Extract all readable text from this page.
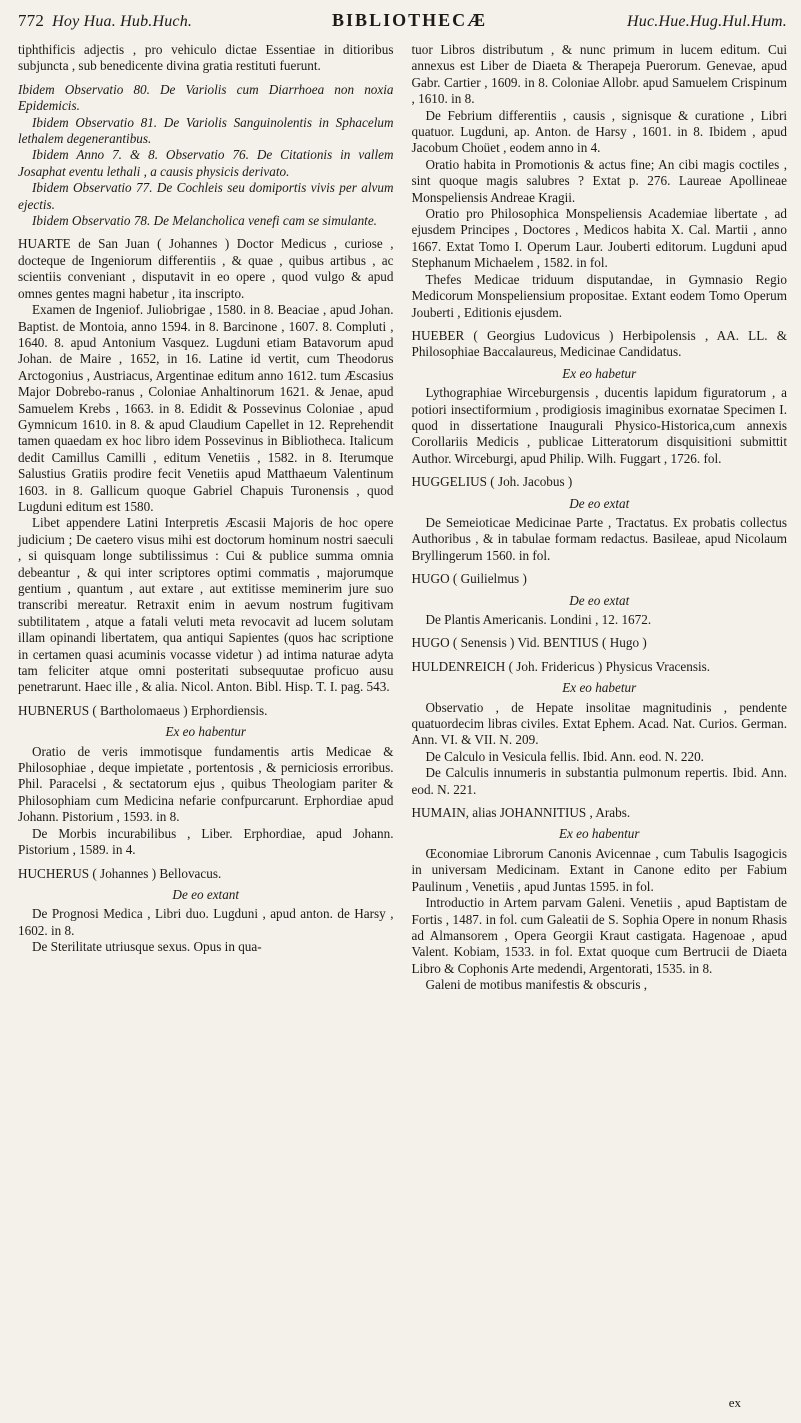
772 Hoy Hua. Hub.Huch.	BIBLIOTHECÆ	Huc.Hue.Hug.Hul.Hum.

tiphthificis adjectis , pro vehiculo dictae Essentiae in ditioribus subjuncta , sub benedicente divina gratia restituti fuerunt.

Ibidem Observatio 80. De Variolis cum Diarrhoea non noxia Epidemicis.

Ibidem Observatio 81. De Variolis Sanguinolentis in Sphacelum lethalem degenerantibus.

Ibidem Anno 7. & 8. Observatio 76. De Citationis in vallem Josaphat eventu lethali , a causis physicis derivato.

Ibidem Observatio 77. De Cochleis seu domiportis vivis per alvum ejectis.

Ibidem Observatio 78. De Melancholica venefi cam se simulante.

HUARTE de San Juan ( Johannes ) Doctor Medicus , curiose , docteque de Ingeniorum differentiis , & quae , quibus artibus , ac scientiis conveniant , disputavit in eo opere , quod vulgo & apud omnes gentes magni habetur , ita inscripto.

Examen de Ingeniof. Juliobrigae , 1580. in 8. Beaciae , apud Johan. Baptist. de Montoia, anno 1594. in 8. Barcinone , 1607. 8. Compluti , 1640. 8. apud Antonium Vasquez. Lugduni etiam Batavorum apud Johan. de Maire , 1652, in 16. Latine id vertit, cum Theodorus Arctogonius , Austriacus, Argentinae editum anno 1612. tum Æscasius Major Dobrebo-ranus , Coloniae Anhaltinorum 1621. & Jenae, apud Samuelem Krebs , 1663. in 8. Edidit & Possevinus Coloniae , apud Gymnicum 1610. in 8. & apud Claudium Capellet in 12. Reprehendit tamen quaedam ex hoc libro idem Possevinus in Bibliotheca. Italicum dedit Camillus Camilli , editum Venetiis , 1582. in 8. Iterumque Salustius Gratiis prodire fecit Venetiis apud Matthaeum Valentinum 1603. in 8. Gallicum quoque Gabriel Chapuis Turonensis , quod Lugduni editum est 1580.

Libet appendere Latini Interpretis Æscasii Majoris de hoc opere judicium ; De caetero visus mihi est doctorum hominum nostri saeculi , si quisquam longe subtilissimus : Cui & publice summa omnia debeantur , & qui inter scriptores optimi commatis , majorumque gentium , quantum , aut extare , aut extitisse meminerim jure suo transcribi mereatur. Retraxit enim in aevum nostrum fugitivam subtilitatem , atque a fatali veluti meta revocavit ad lucem solutam illam opinandi libertatem, qua antiqui Sapientes (quos hac scriptione in certamen quasi acuminis vocasse videtur ) ad intima naturae adyta tam feliciter atque omni posteritati subsequutae proficuo ausu penetrarunt. Haec ille , & alia. Nicol. Anton. Bibl. Hisp. T. I. pag. 543.

HUBNERUS ( Bartholomaeus ) Erphordiensis.

Ex eo habentur

Oratio de veris immotisque fundamentis artis Medicae & Philosophiae , deque impietate , portentosis , & perniciosis erroribus. Phil. Paracelsi , & sectatorum ejus , quibus Theologiam pariter & Philosophiam cum Medicina nefarie confpurcarunt. Erphordiae apud Johann. Pistorium , 1593. in 8.

De Morbis incurabilibus , Liber. Erphordiae, apud Johann. Pistorium , 1589. in 4.

HUCHERUS ( Johannes ) Bellovacus.

De eo extant

De Prognosi Medica , Libri duo. Lugduni , apud anton. de Harsy , 1602. in 8.

De Sterilitate utriusque sexus. Opus in qua-

tuor Libros distributum , & nunc primum in lucem editum. Cui annexus est Liber de Diaeta & Therapeja Puerorum. Genevae, apud Gabr. Cartier , 1609. in 8. Coloniae Allobr. apud Samuelem Crispinum , 1610. in 8.

De Febrium differentiis , causis , signisque & curatione , Libri quatuor. Lugduni, ap. Anton. de Harsy , 1601. in 8. Ibidem , apud Jacobum Choüet , eodem anno in 4.

Oratio habita in Promotionis & actus fine; An cibi magis coctiles , sint quoque magis salubres ? Extat p. 276. Laureae Apollineae Monspeliensis Andreae Kragii.

Oratio pro Philosophica Monspeliensis Academiae libertate , ad ejusdem Principes , Doctores , Medicos habita X. Cal. Martii , anno 1667. Extat Tomo I. Operum Laur. Jouberti editorum. Lugduni apud Stephanum Michaelem , 1582. in fol.

Thefes Medicae triduum disputandae, in Gymnasio Regio Medicorum Monspeliensium propositae. Extant eodem Tomo Operum Jouberti , Editionis ejusdem.

HUEBER ( Georgius Ludovicus ) Herbipolensis , AA. LL. & Philosophiae Baccalaureus, Medicinae Candidatus.

Ex eo habetur

Lythographiae Wirceburgensis , ducentis lapidum figuratorum , a potiori insectiformium , prodigiosis imaginibus exornatae Specimen I. quod in dissertatione Inaugurali Physico-Historica,cum annexis Corollariis Medicis , publicae Litteratorum disquisitioni submittit Author. Wirceburgi, apud Philip. Wilh. Fuggart , 1726. fol.

HUGGELIUS ( Joh. Jacobus )

De eo extat

De Semeioticae Medicinae Parte , Tractatus. Ex probatis collectus Authoribus , & in tabulae formam redactus. Basileae, apud Nicolaum Bryllingerum 1560. in fol.

HUGO ( Guilielmus )

De eo extat

De Plantis Americanis. Londini , 12. 1672.

HUGO ( Senensis ) Vid. BENTIUS ( Hugo )

HULDENREICH ( Joh. Fridericus ) Physicus Vracensis.

Ex eo habetur

Observatio , de Hepate insolitae magnitudinis , pendente quatuordecim libras civiles. Extat Ephem. Acad. Nat. Curios. German. Ann. VI. & VII. N. 209.

De Calculo in Vesicula fellis. Ibid. Ann. eod. N. 220.

De Calculis innumeris in substantia pulmonum repertis. Ibid. Ann. eod. N. 221.

HUMAIN, alias JOHANNITIUS , Arabs.

Ex eo habentur

Œconomiae Librorum Canonis Avicennae , cum Tabulis Isagogicis in universam Medicinam. Extant in Canone edito per Fabium Paulinum , Venetiis , apud Juntas 1595. in fol.

Introductio in Artem parvam Galeni. Venetiis , apud Baptistam de Fortis , 1487. in fol. cum Galeatii de S. Sophia Opere in nonum Rhasis ad Almansorem , Opera Georgii Kraut castigata. Hagenoae , apud Valent. Kobiam, 1533. in fol. Extat quoque cum Bertrucii de Diaeta Libro & Cophonis Arte medendi, Argentorati, 1535. in 8.

Galeni de motibus manifestis & obscuris ,

ex
